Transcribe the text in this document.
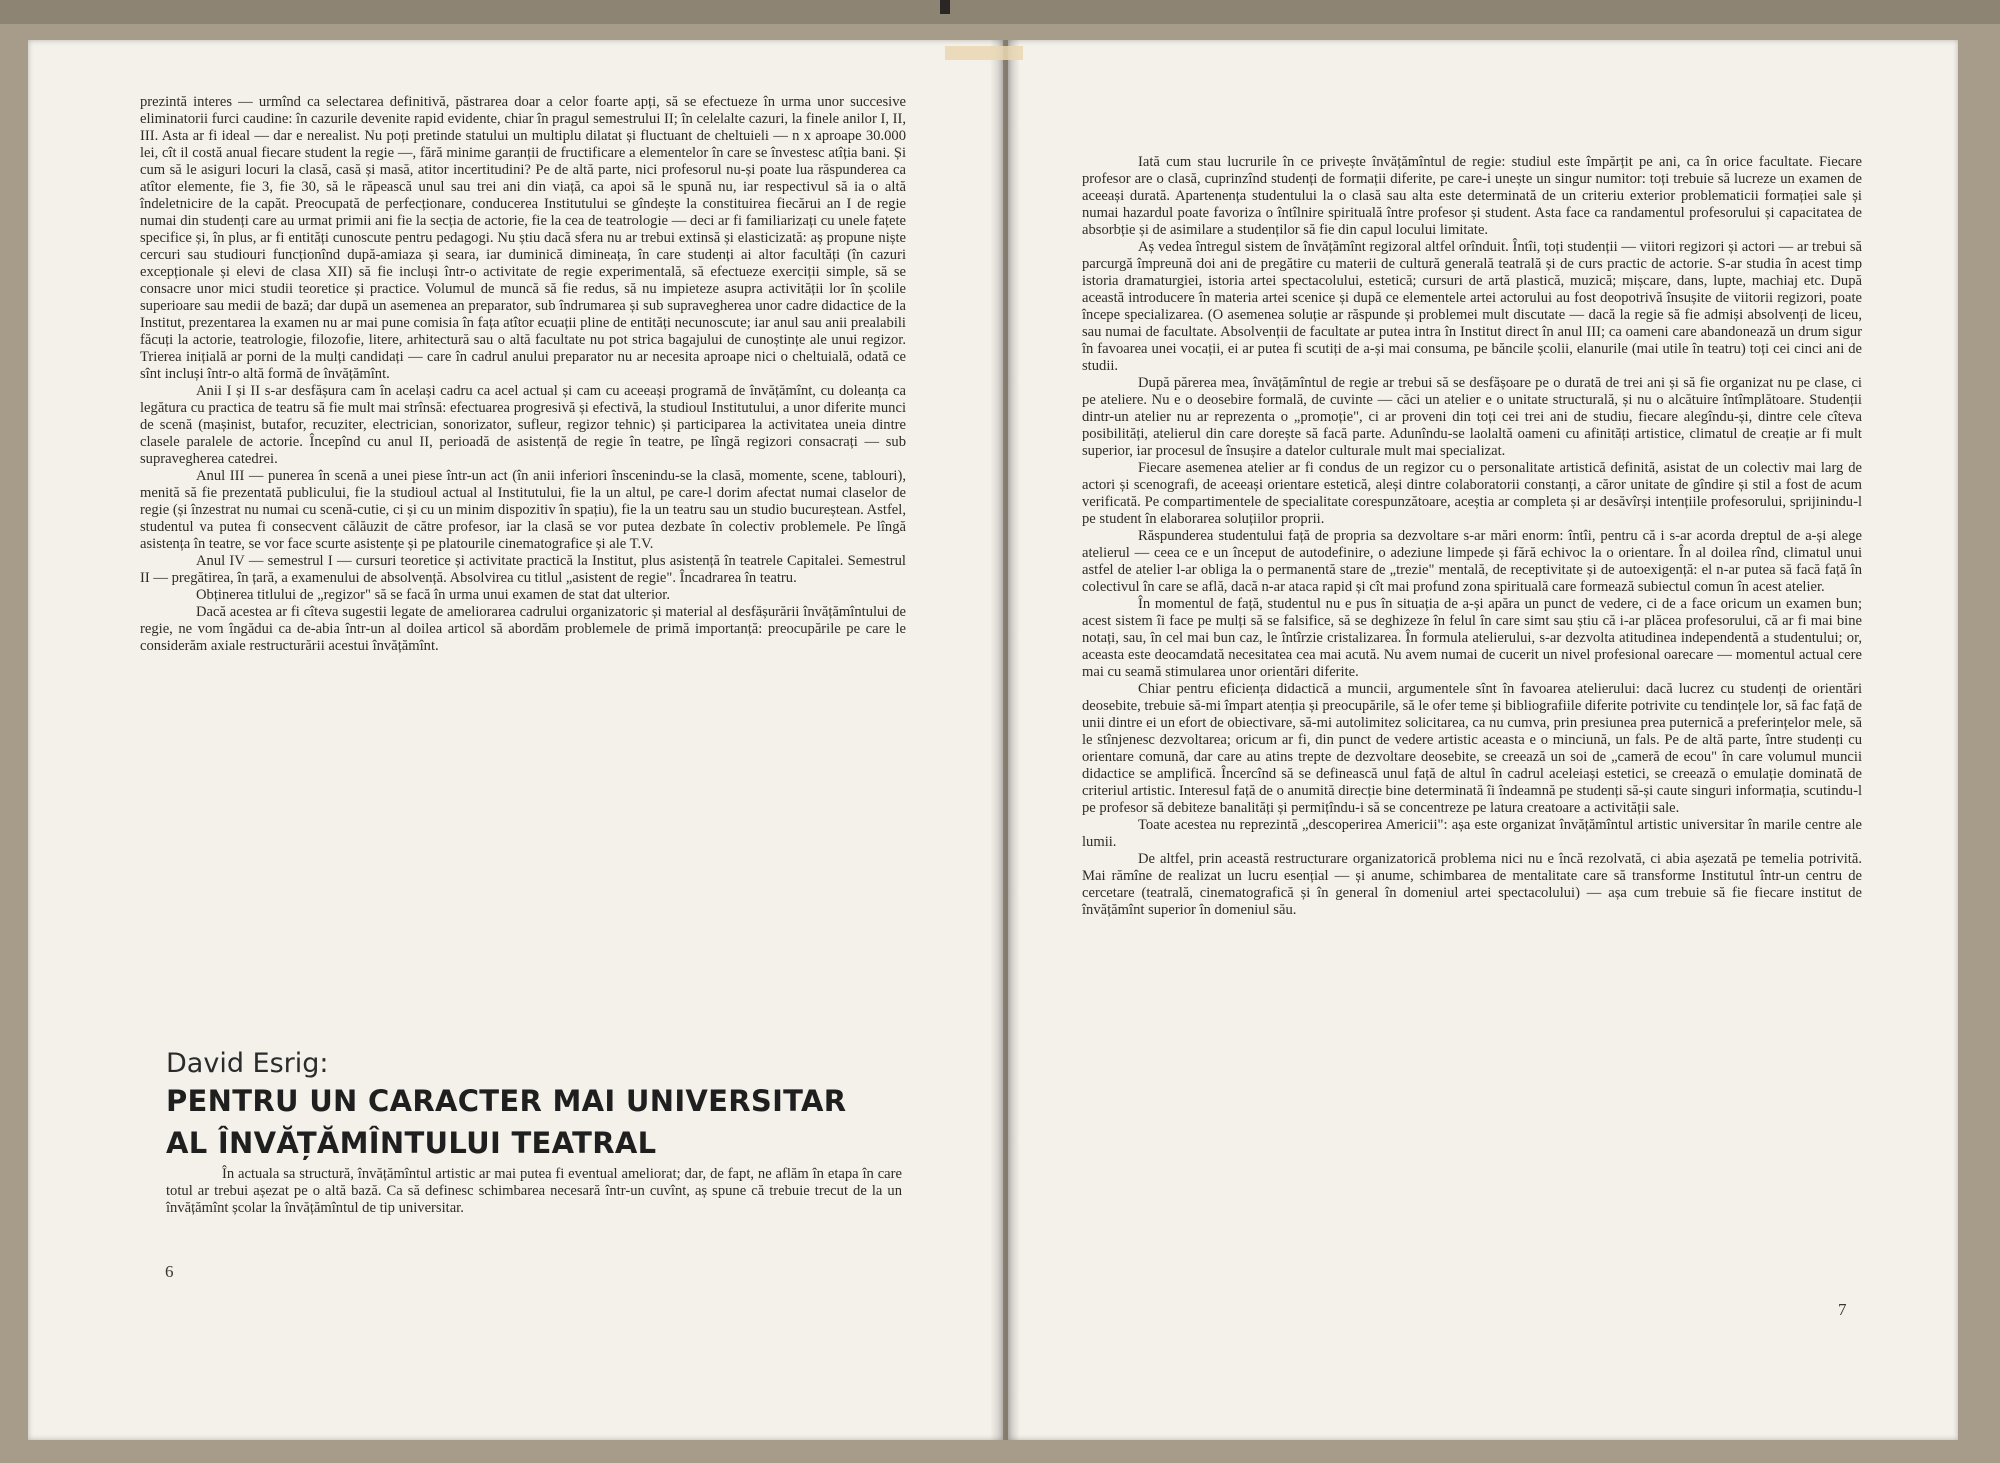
prezintă interes — urmînd ca selectarea definitivă, păstrarea doar a celor foarte apți, să se efectueze în urma unor succesive eliminatorii furci caudine: în cazurile devenite rapid evidente, chiar în pragul semestrului II; în celelalte cazuri, la finele anilor I, II, III. Asta ar fi ideal — dar e nerealist. Nu poți pretinde statului un multiplu dilatat și fluctuant de cheltuieli — n x aproape 30.000 lei, cît il costă anual fiecare student la regie —, fără minime garanții de fructificare a elementelor în care se învestesc atîția bani. Și cum să le asiguri locuri la clasă, casă și masă, atitor incertitudini? Pe de altă parte, nici profesorul nu-și poate lua răspunderea ca atîtor elemente, fie 3, fie 30, să le răpească unul sau trei ani din viață, ca apoi să le spună nu, iar respectivul să ia o altă îndeletnicire de la capăt. Preocupată de perfecționare, conducerea Institutului se gîndește la constituirea fiecărui an I de regie numai din studenți care au urmat primii ani fie la secția de actorie, fie la cea de teatrologie — deci ar fi familiarizați cu unele fațete specifice și, în plus, ar fi entități cunoscute pentru pedagogi. Nu știu dacă sfera nu ar trebui extinsă și elasticizată: aș propune niște cercuri sau studiouri funcționînd după-amiaza și seara, iar duminică dimineața, în care studenți ai altor facultăți (în cazuri excepționale și elevi de clasa XII) să fie incluși într-o activitate de regie experimentală, să efectueze exerciții simple, să se consacre unor mici studii teoretice și practice. Volumul de muncă să fie redus, să nu impieteze asupra activității lor în școlile superioare sau medii de bază; dar după un asemenea an preparator, sub îndrumarea și sub supravegherea unor cadre didactice de la Institut, prezentarea la examen nu ar mai pune comisia în fața atîtor ecuații pline de entități necunoscute; iar anul sau anii prealabili făcuți la actorie, teatrologie, filozofie, litere, arhitectură sau o altă facultate nu pot strica bagajului de cunoștințe ale unui regizor. Trierea inițială ar porni de la mulți candidați — care în cadrul anului preparator nu ar necesita aproape nici o cheltuială, odată ce sînt incluși într-o altă formă de învățămînt.

Anii I și II s-ar desfășura cam în același cadru ca acel actual și cam cu aceeași programă de învățămînt, cu doleanța ca legătura cu practica de teatru să fie mult mai strînsă: efectuarea progresivă și efectivă, la studioul Institutului, a unor diferite munci de scenă (mașinist, butafor, recuziter, electrician, sonorizator, sufleur, regizor tehnic) și participarea la activitatea uneia dintre clasele paralele de actorie. Începînd cu anul II, perioadă de asistență de regie în teatre, pe lîngă regizori consacrați — sub supravegherea catedrei.

Anul III — punerea în scenă a unei piese într-un act (în anii inferiori înscenindu-se la clasă, momente, scene, tablouri), menită să fie prezentată publicului, fie la studioul actual al Institutului, fie la un altul, pe care-l dorim afectat numai claselor de regie (și înzestrat nu numai cu scenă-cutie, ci și cu un minim dispozitiv în spațiu), fie la un teatru sau un studio bucureștean. Astfel, studentul va putea fi consecvent călăuzit de către profesor, iar la clasă se vor putea dezbate în colectiv problemele. Pe lîngă asistența în teatre, se vor face scurte asistențe și pe platourile cinematografice și ale T.V.

Anul IV — semestrul I — cursuri teoretice și activitate practică la Institut, plus asistență în teatrele Capitalei. Semestrul II — pregătirea, în țară, a examenului de absolvență. Absolvirea cu titlul „asistent de regie". Încadrarea în teatru.

Obținerea titlului de „regizor" să se facă în urma unui examen de stat dat ulterior.

Dacă acestea ar fi cîteva sugestii legate de ameliorarea cadrului organizatoric și material al desfășurării învățămîntului de regie, ne vom îngădui ca de-abia într-un al doilea articol să abordăm problemele de primă importanță: preocupările pe care le considerăm axiale restructurării acestui învățămînt.

David Esrig:
PENTRU UN CARACTER MAI UNIVERSITAR
AL ÎNVĂȚĂMÎNTULUI TEATRAL

În actuala sa structură, învățămîntul artistic ar mai putea fi eventual ameliorat; dar, de fapt, ne aflăm în etapa în care totul ar trebui așezat pe o altă bază. Ca să definesc schimbarea necesară într-un cuvînt, aș spune că trebuie trecut de la un învățămînt școlar la învățămîntul de tip universitar.

6

Iată cum stau lucrurile în ce privește învățămîntul de regie: studiul este împărțit pe ani, ca în orice facultate. Fiecare profesor are o clasă, cuprinzînd studenți de formații diferite, pe care-i unește un singur numitor: toți trebuie să lucreze un examen de aceeași durată. Apartenența studentului la o clasă sau alta este determinată de un criteriu exterior problematicii formației sale și numai hazardul poate favoriza o întîlnire spirituală între profesor și student. Asta face ca randamentul profesorului și capacitatea de absorbție și de asimilare a studenților să fie din capul locului limitate.

Aș vedea întregul sistem de învățămînt regizoral altfel orînduit. Întîi, toți studenții — viitori regizori și actori — ar trebui să parcurgă împreună doi ani de pregătire cu materii de cultură generală teatrală și de curs practic de actorie. S-ar studia în acest timp istoria dramaturgiei, istoria artei spectacolului, estetică; cursuri de artă plastică, muzică; mișcare, dans, lupte, machiaj etc. După această introducere în materia artei scenice și după ce elementele artei actorului au fost deopotrivă însușite de viitorii regizori, poate începe specializarea. (O asemenea soluție ar răspunde și problemei mult discutate — dacă la regie să fie admiși absolvenți de liceu, sau numai de facultate. Absolvenții de facultate ar putea intra în Institut direct în anul III; ca oameni care abandonează un drum sigur în favoarea unei vocații, ei ar putea fi scutiți de a-și mai consuma, pe băncile școlii, elanurile (mai utile în teatru) toți cei cinci ani de studii.

După părerea mea, învățămîntul de regie ar trebui să se desfășoare pe o durată de trei ani și să fie organizat nu pe clase, ci pe ateliere. Nu e o deosebire formală, de cuvinte — căci un atelier e o unitate structurală, și nu o alcătuire întîmplătoare. Studenții dintr-un atelier nu ar reprezenta o „promoție", ci ar proveni din toți cei trei ani de studiu, fiecare alegîndu-și, dintre cele cîteva posibilități, atelierul din care dorește să facă parte. Adunîndu-se laolaltă oameni cu afinități artistice, climatul de creație ar fi mult superior, iar procesul de însușire a datelor culturale mult mai specializat.

Fiecare asemenea atelier ar fi condus de un regizor cu o personalitate artistică definită, asistat de un colectiv mai larg de actori și scenografi, de aceeași orientare estetică, aleși dintre colaboratorii constanți, a căror unitate de gîndire și stil a fost de acum verificată. Pe compartimentele de specialitate corespunzătoare, aceștia ar completa și ar desăvîrși intențiile profesorului, sprijinindu-l pe student în elaborarea soluțiilor proprii.

Răspunderea studentului față de propria sa dezvoltare s-ar mări enorm: întîi, pentru că i s-ar acorda dreptul de a-și alege atelierul — ceea ce e un început de autodefinire, o adeziune limpede și fără echivoc la o orientare. În al doilea rînd, climatul unui astfel de atelier l-ar obliga la o permanentă stare de „trezie" mentală, de receptivitate și de autoexigență: el n-ar putea să facă față în colectivul în care se află, dacă n-ar ataca rapid și cît mai profund zona spirituală care formează subiectul comun în acest atelier.

În momentul de față, studentul nu e pus în situația de a-și apăra un punct de vedere, ci de a face oricum un examen bun; acest sistem îi face pe mulți să se falsifice, să se deghizeze în felul în care simt sau știu că i-ar plăcea profesorului, că ar fi mai bine notați, sau, în cel mai bun caz, le întîrzie cristalizarea. În formula atelierului, s-ar dezvolta atitudinea independentă a studentului; or, aceasta este deocamdată necesitatea cea mai acută. Nu avem numai de cucerit un nivel profesional oarecare — momentul actual cere mai cu seamă stimularea unor orientări diferite.

Chiar pentru eficiența didactică a muncii, argumentele sînt în favoarea atelierului: dacă lucrez cu studenți de orientări deosebite, trebuie să-mi împart atenția și preocupările, să le ofer teme și bibliografiile diferite potrivite cu tendințele lor, să fac față de unii dintre ei un efort de obiectivare, să-mi autolimitez solicitarea, ca nu cumva, prin presiunea prea puternică a preferințelor mele, să le stînjenesc dezvoltarea; oricum ar fi, din punct de vedere artistic aceasta e o minciună, un fals. Pe de altă parte, între studenți cu orientare comună, dar care au atins trepte de dezvoltare deosebite, se creează un soi de „cameră de ecou" în care volumul muncii didactice se amplifică. Încercînd să se definească unul față de altul în cadrul aceleiași estetici, se creează o emulație dominată de criteriul artistic. Interesul față de o anumită direcție bine determinată îi îndeamnă pe studenți să-și caute singuri informația, scutindu-l pe profesor să debiteze banalități și permițîndu-i să se concentreze pe latura creatoare a activității sale.

Toate acestea nu reprezintă „descoperirea Americii": așa este organizat învățămîntul artistic universitar în marile centre ale lumii.

De altfel, prin această restructurare organizatorică problema nici nu e încă rezolvată, ci abia așezată pe temelia potrivită. Mai rămîne de realizat un lucru esențial — și anume, schimbarea de mentalitate care să transforme Institutul într-un centru de cercetare (teatrală, cinematografică și în general în domeniul artei spectacolului) — așa cum trebuie să fie fiecare institut de învățămînt superior în domeniul său.

7
